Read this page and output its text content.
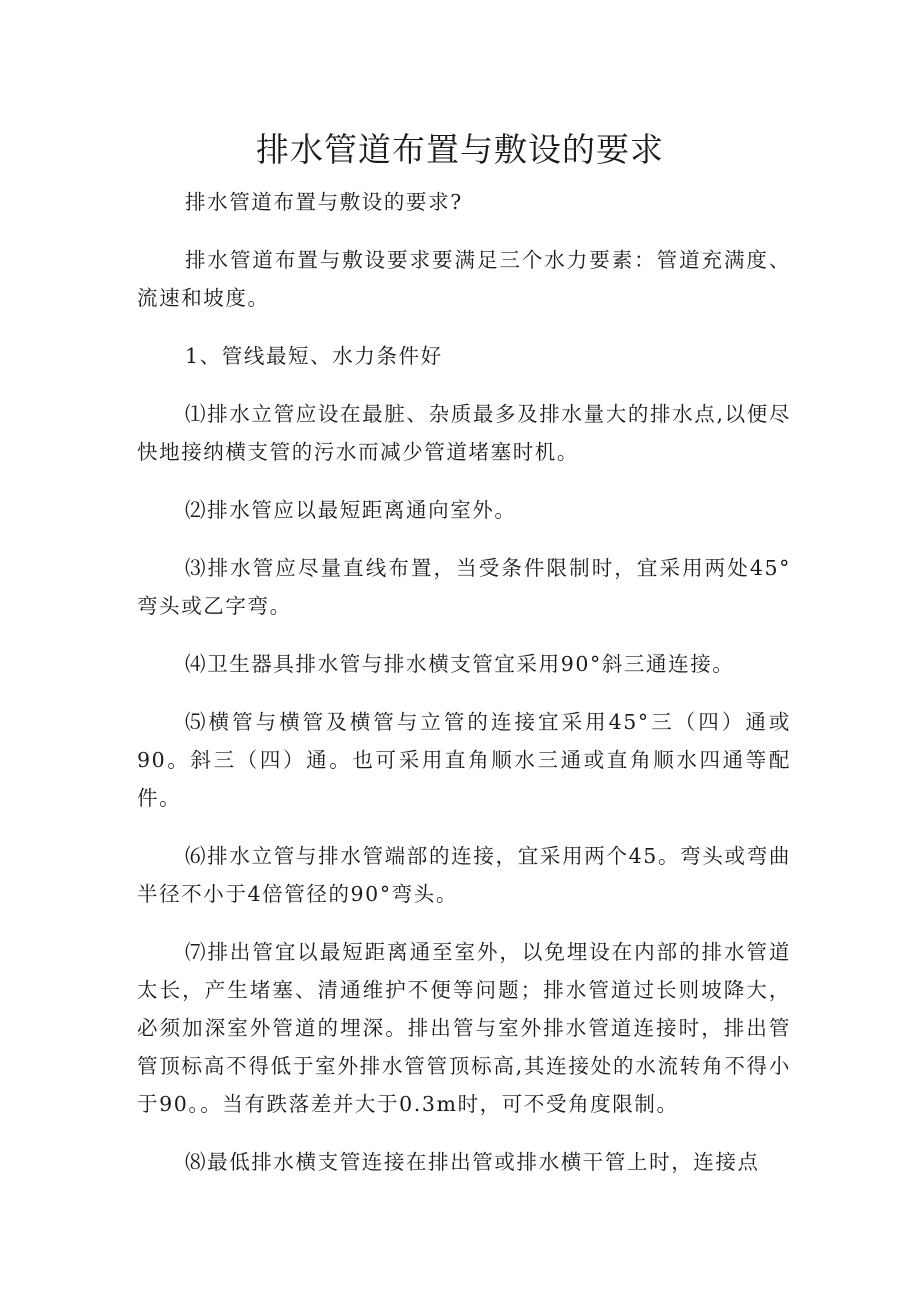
排水管道布置与敷设的要求

排水管道布置与敷设的要求?

排水管道布置与敷设要求要满足三个水力要素：管道充满度、流速和坡度。

1、管线最短、水力条件好

⑴排水立管应设在最脏、杂质最多及排水量大的排水点,以便尽快地接纳横支管的污水而减少管道堵塞时机。

⑵排水管应以最短距离通向室外。

⑶排水管应尽量直线布置，当受条件限制时，宜采用两处45°弯头或乙字弯。

⑷卫生器具排水管与排水横支管宜采用90°斜三通连接。

⑸横管与横管及横管与立管的连接宜采用45°三（四）通或90。斜三（四）通。也可采用直角顺水三通或直角顺水四通等配件。

⑹排水立管与排水管端部的连接，宜采用两个45。弯头或弯曲半径不小于4倍管径的90°弯头。

⑺排出管宜以最短距离通至室外，以免埋设在内部的排水管道太长，产生堵塞、清通维护不便等问题；排水管道过长则坡降大，必须加深室外管道的埋深。排出管与室外排水管道连接时，排出管管顶标高不得低于室外排水管管顶标高,其连接处的水流转角不得小于90。。当有跌落差并大于0.3m时，可不受角度限制。

⑻最低排水横支管连接在排出管或排水横干管上时，连接点
